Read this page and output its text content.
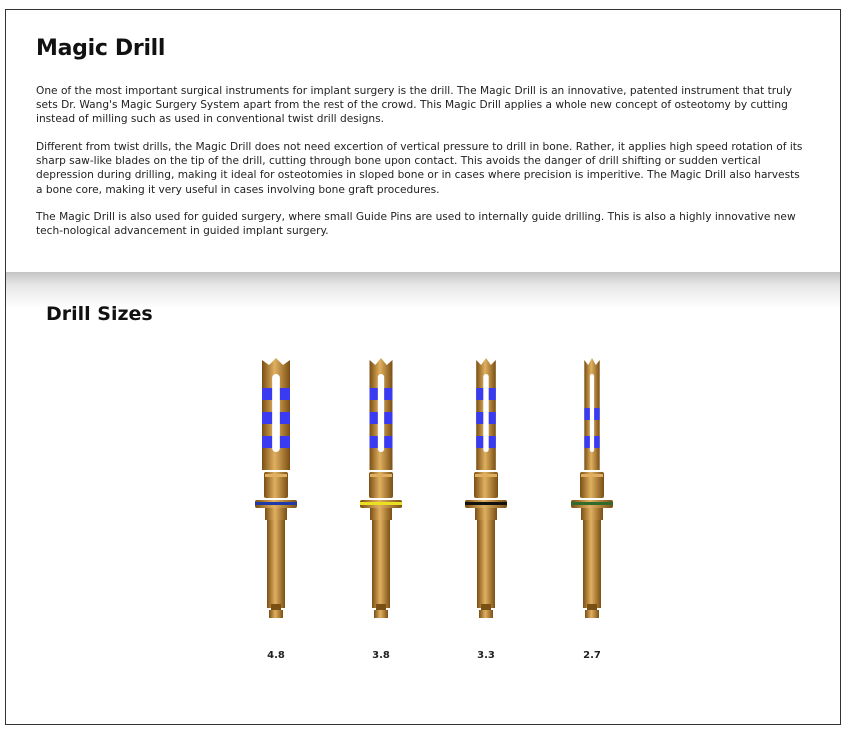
Magic Drill

One of the most important surgical instruments for implant surgery is the drill. The Magic Drill is an innovative, patented instrument that truly sets Dr. Wang's Magic Surgery System apart from the rest of the crowd. This Magic Drill applies a whole new concept of osteotomy by cutting instead of milling such as used in conventional twist drill designs.

Different from twist drills, the Magic Drill does not need excertion of vertical pressure to drill in bone. Rather, it applies high speed rotation of its sharp saw-like blades on the tip of the drill, cutting through bone upon contact. This avoids the danger of drill shifting or sudden vertical depression during drilling, making it ideal for osteotomies in sloped bone or in cases where precision is imperitive. The Magic Drill also harvests a bone core, making it very useful in cases involving bone graft procedures.

The Magic Drill is also used for guided surgery, where small Guide Pins are used to internally guide drilling. This is also a highly innovative new tech-nological advancement in guided implant surgery.

Drill Sizes
4.8	3.8	3.3	2.7
